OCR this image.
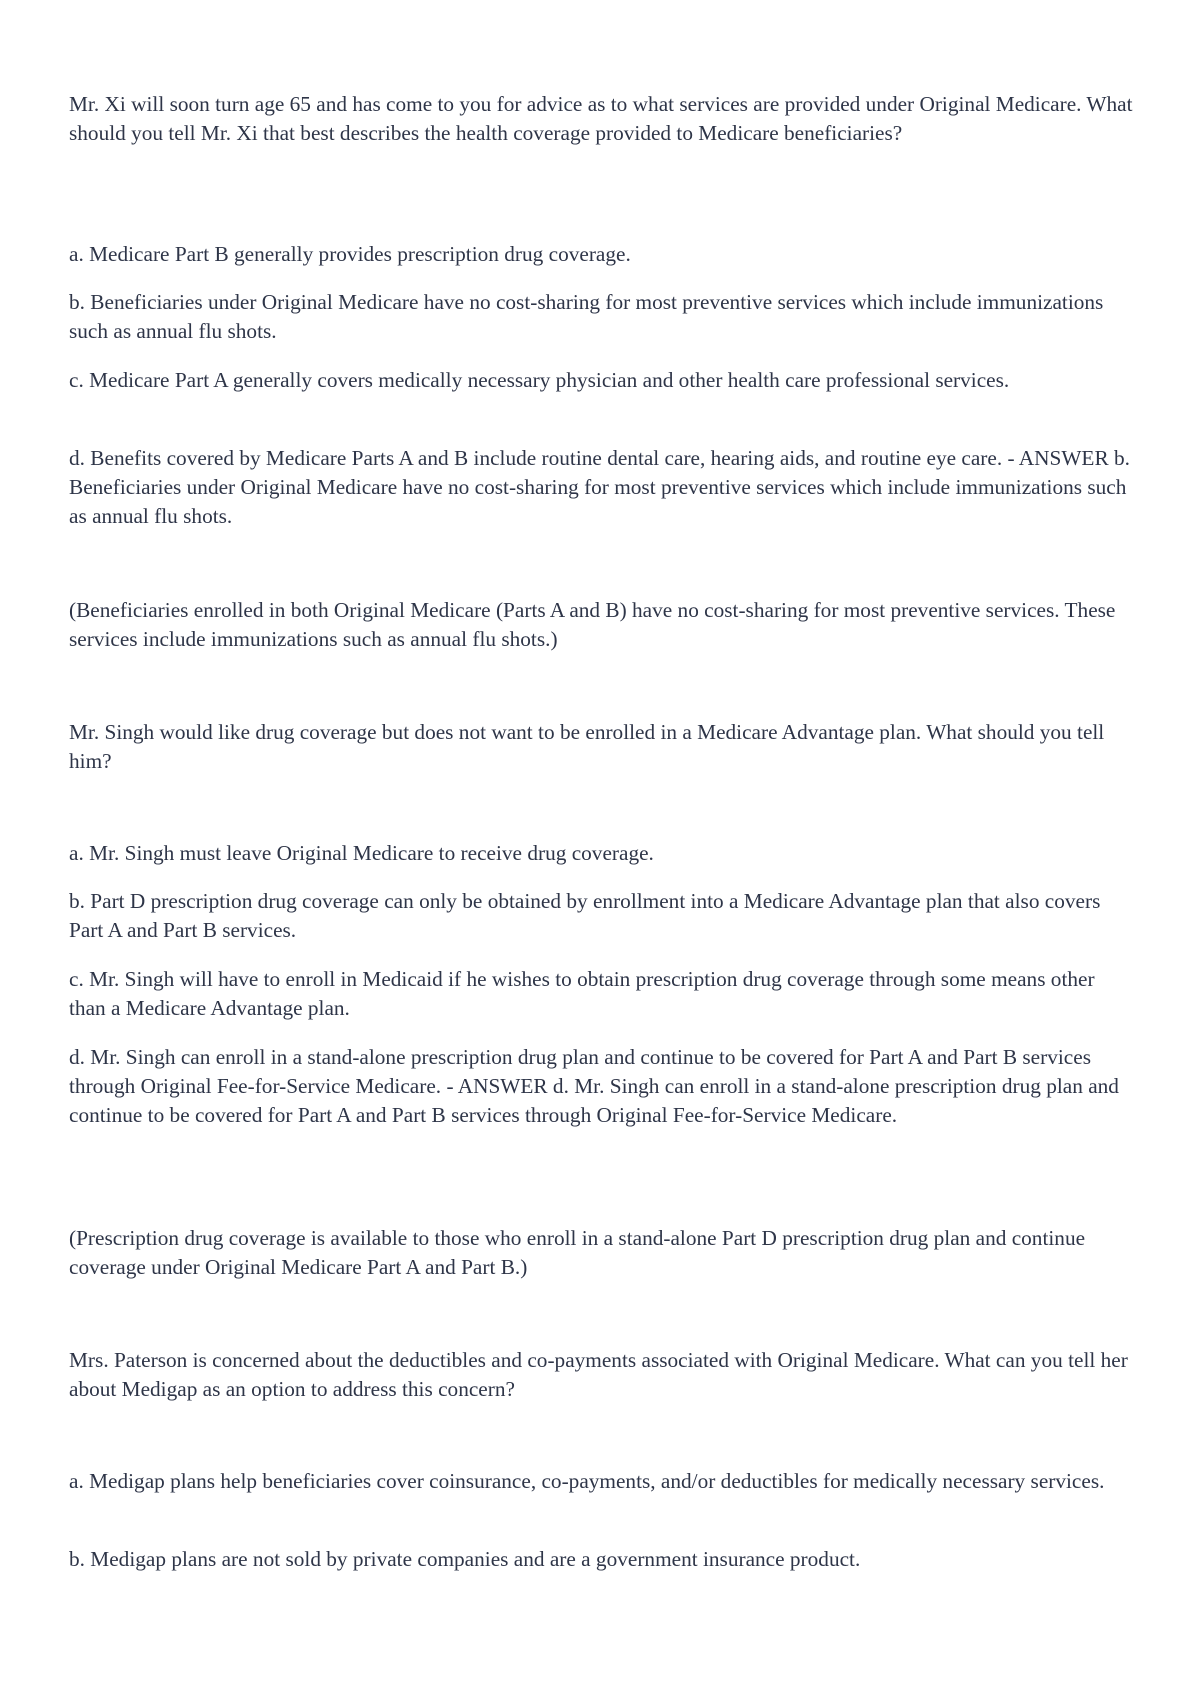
Mr. Xi will soon turn age 65 and has come to you for advice as to what services are provided under Original Medicare. What should you tell Mr. Xi that best describes the health coverage provided to Medicare beneficiaries?

a. Medicare Part B generally provides prescription drug coverage.

b. Beneficiaries under Original Medicare have no cost-sharing for most preventive services which include immunizations such as annual flu shots.

c. Medicare Part A generally covers medically necessary physician and other health care professional services.

d. Benefits covered by Medicare Parts A and B include routine dental care, hearing aids, and routine eye care. - ANSWER b. Beneficiaries under Original Medicare have no cost-sharing for most preventive services which include immunizations such as annual flu shots.

(Beneficiaries enrolled in both Original Medicare (Parts A and B) have no cost-sharing for most preventive services. These services include immunizations such as annual flu shots.)

Mr. Singh would like drug coverage but does not want to be enrolled in a Medicare Advantage plan. What should you tell him?

a. Mr. Singh must leave Original Medicare to receive drug coverage.

b. Part D prescription drug coverage can only be obtained by enrollment into a Medicare Advantage plan that also covers Part A and Part B services.

c. Mr. Singh will have to enroll in Medicaid if he wishes to obtain prescription drug coverage through some means other than a Medicare Advantage plan.

d. Mr. Singh can enroll in a stand-alone prescription drug plan and continue to be covered for Part A and Part B services through Original Fee-for-Service Medicare. - ANSWER d. Mr. Singh can enroll in a stand-alone prescription drug plan and continue to be covered for Part A and Part B services through Original Fee-for-Service Medicare.

(Prescription drug coverage is available to those who enroll in a stand-alone Part D prescription drug plan and continue coverage under Original Medicare Part A and Part B.)

Mrs. Paterson is concerned about the deductibles and co-payments associated with Original Medicare. What can you tell her about Medigap as an option to address this concern?

a. Medigap plans help beneficiaries cover coinsurance, co-payments, and/or deductibles for medically necessary services.

b. Medigap plans are not sold by private companies and are a government insurance product.
